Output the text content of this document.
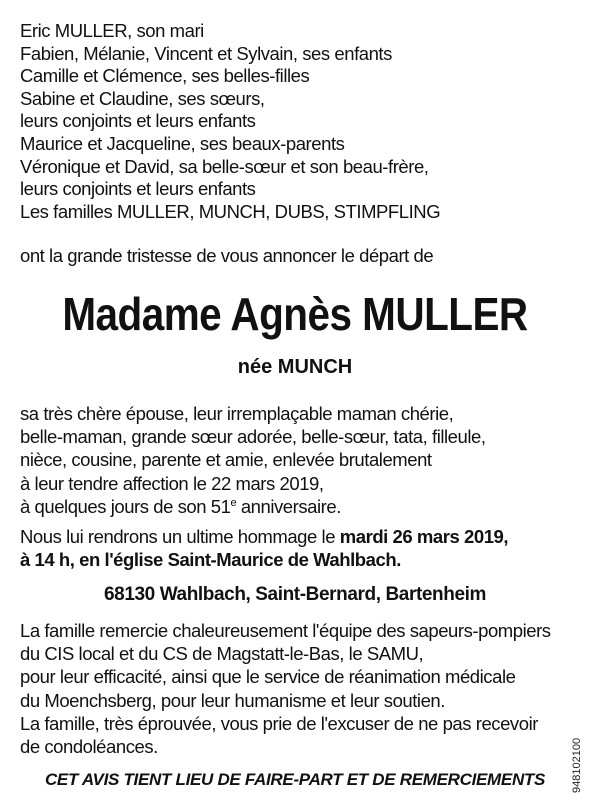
Eric MULLER, son mari
Fabien, Mélanie, Vincent et Sylvain, ses enfants
Camille et Clémence, ses belles-filles
Sabine et Claudine, ses sœurs,
leurs conjoints et leurs enfants
Maurice et Jacqueline, ses beaux-parents
Véronique et David, sa belle-sœur et son beau-frère,
leurs conjoints et leurs enfants
Les familles MULLER, MUNCH, DUBS, STIMPFLING
ont la grande tristesse de vous annoncer le départ de
Madame Agnès MULLER
née MUNCH
sa très chère épouse, leur irremplaçable maman chérie,
belle-maman, grande sœur adorée, belle-sœur, tata, filleule,
nièce, cousine, parente et amie, enlevée brutalement
à leur tendre affection le 22 mars 2019,
à quelques jours de son 51e anniversaire.
Nous lui rendrons un ultime hommage le mardi 26 mars 2019,
à 14 h, en l'église Saint-Maurice de Wahlbach.
68130 Wahlbach, Saint-Bernard, Bartenheim
La famille remercie chaleureusement l'équipe des sapeurs-pompiers
du CIS local et du CS de Magstatt-le-Bas, le SAMU,
pour leur efficacité, ainsi que le service de réanimation médicale
du Moenchsberg, pour leur humanisme et leur soutien.
La famille, très éprouvée, vous prie de l'excuser de ne pas recevoir
de condoléances.
CET AVIS TIENT LIEU DE FAIRE-PART ET DE REMERCIEMENTS	948102100
